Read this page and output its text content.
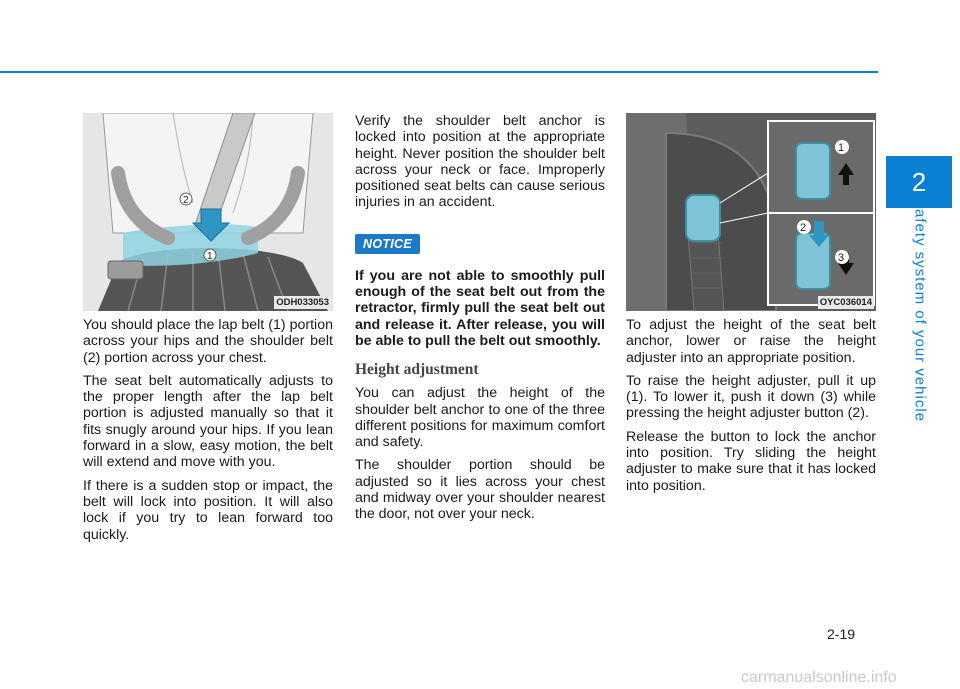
2
1
ODH033053

You should place the lap belt (1) portion across your hips and the shoulder belt (2) portion across your chest.

The seat belt automatically adjusts to the proper length after the lap belt portion is adjusted manually so that it fits snugly around your hips. If you lean forward in a slow, easy motion, the belt will extend and move with you.

If there is a sudden stop or impact, the belt will lock into position. It will also lock if you try to lean forward too quickly.

Verify the shoulder belt anchor is locked into position at the appropriate height. Never position the shoulder belt across your neck or face. Improperly positioned seat belts can cause serious injuries in an accident.

NOTICE

If you are not able to smoothly pull enough of the seat belt out from the retractor, firmly pull the seat belt out and release it. After release, you will be able to pull the belt out smoothly.

Height adjustment

You can adjust the height of the shoulder belt anchor to one of the three different positions for maximum comfort and safety.

The shoulder portion should be adjusted so it lies across your chest and midway over your shoulder nearest the door, not over your neck.

1
2
3
OYC036014

To adjust the height of the seat belt anchor, lower or raise the height adjuster into an appropriate position.

To raise the height adjuster, pull it up (1). To lower it, push it down (3) while pressing the height adjuster button (2).

Release the button to lock the anchor into position. Try sliding the height adjuster to make sure that it has locked into position.

2
Safety system of your vehicle
2-19
carmanualsonline.info
